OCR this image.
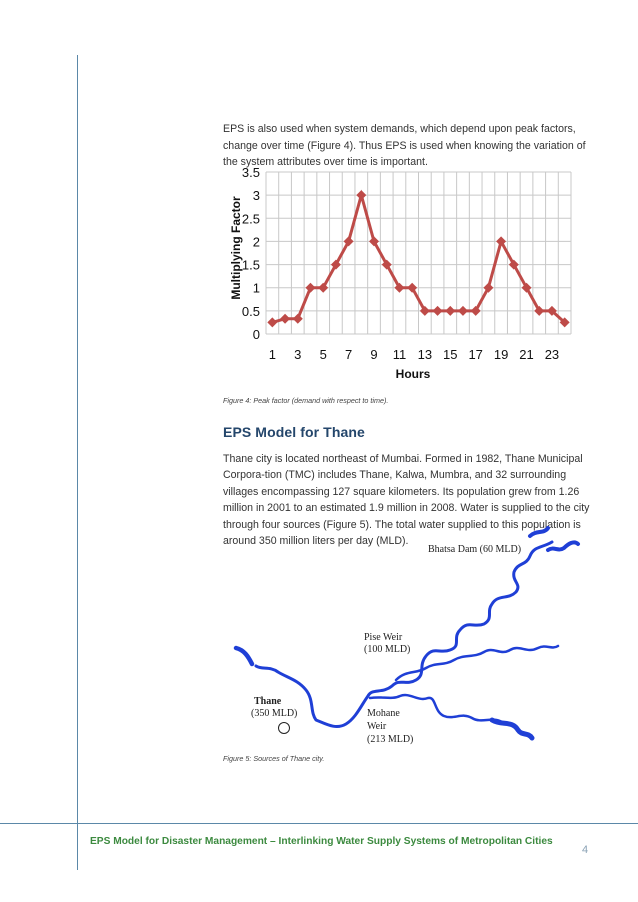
EPS is also used when system demands, which depend upon peak factors, change over time (Figure 4). Thus EPS is used when knowing the variation of the system attributes over time is important.

0
0.5
1
1.5
2
2.5
3
3.5
1 3 5 7 9 11 13 15 17 19 21 23
Hours
Multiplying Factor

Figure 4: Peak factor (demand with respect to time).

EPS Model for Thane

Thane city is located northeast of Mumbai. Formed in 1982, Thane Municipal Corpora-tion (TMC) includes Thane, Kalwa, Mumbra, and 32 surrounding villages encompassing 127 square kilometers. Its population grew from 1.26 million in 2001 to an estimated 1.9 million in 2008. Water is supplied to the city through four sources (Figure 5). The total water supplied to this population is around 350 million liters per day (MLD).

Bhatsa Dam (60 MLD)
Pise Weir
(100 MLD)
Thane
(350 MLD)	Mohane
Weir
(213 MLD)

Figure 5: Sources of Thane city.

EPS Model for Disaster Management – Interlinking Water Supply Systems of Metropolitan Cities

4
